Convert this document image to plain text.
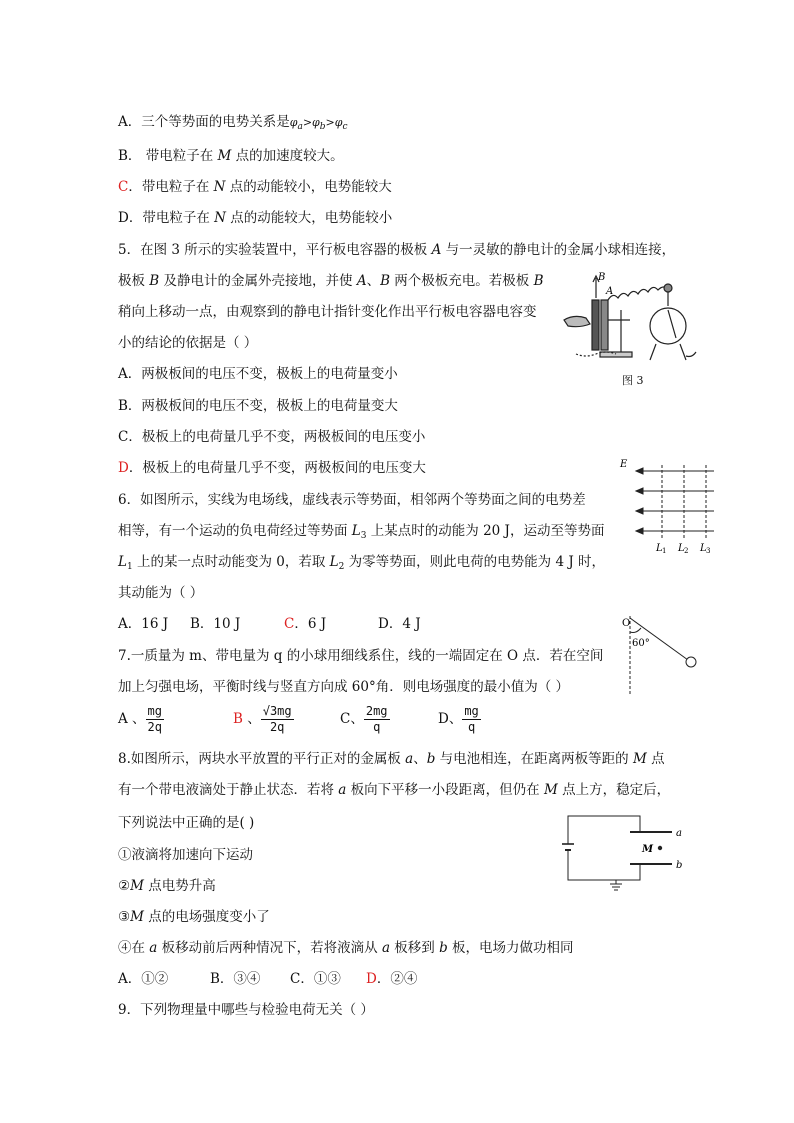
A．三个等势面的电势关系是$\varphi_a>\varphi_b>\varphi_c$
B． 带电粒子在 M 点的加速度较大。
C．带电粒子在 N 点的动能较小，电势能较大
D．带电粒子在 N 点的动能较大，电势能较小
5．在图 3 所示的实验装置中，平行板电容器的极板 A 与一灵敏的静电计的金属小球相连接，
极板 B 及静电计的金属外壳接地，并使 A、B 两个极板充电。若极板 B
稍向上移动一点，由观察到的静电计指针变化作出平行板电容器电容变
小的结论的依据是（ ）
A．两极板间的电压不变，极板上的电荷量变小
B．两极板间的电压不变，极板上的电荷量变大
C．极板上的电荷量几乎不变，两极板间的电压变小
D．极板上的电荷量几乎不变，两极板间的电压变大
B
A
图 3
6．如图所示，实线为电场线，虚线表示等势面，相邻两个等势面之间的电势差
相等，有一个运动的负电荷经过等势面 $L_3$ 上某点时的动能为 20 J，运动至等势面
$L_1$ 上的某一点时动能变为 0，若取 $L_2$ 为零等势面，则此电荷的电势能为 4 J 时，
其动能为（ ）
A．16 J B．10 J	C．6 J	D．4 J
E
L 1 L 2 L 3
7.一质量为 m、带电量为 q 的小球用细线系住，线的一端固定在 O 点．若在空间
加上匀强电场，平衡时线与竖直方向成 60°角．则电场强度的最小值为（ ）
A 、 $\frac{mg}{2q}$	B 、 $\frac{√3mg}{2q}$	C、 $\frac{2mg}{q}$	D、 $\frac{mg}{q}$
O
60°
8.如图所示，两块水平放置的平行正对的金属板 a、b 与电池相连，在距离两板等距的 M 点
有一个带电液滴处于静止状态．若将 a 板向下平移一小段距离，但仍在 M 点上方，稳定后，
下列说法中正确的是( )
①液滴将加速向下运动
②M 点电势升高
③M 点的电场强度变小了
④在 a 板移动前后两种情况下，若将液滴从 a 板移到 b 板，电场力做功相同
A．①②	B．③④ C．①③ D．②④
M
a
b
9．下列物理量中哪些与检验电荷无关（ ）
